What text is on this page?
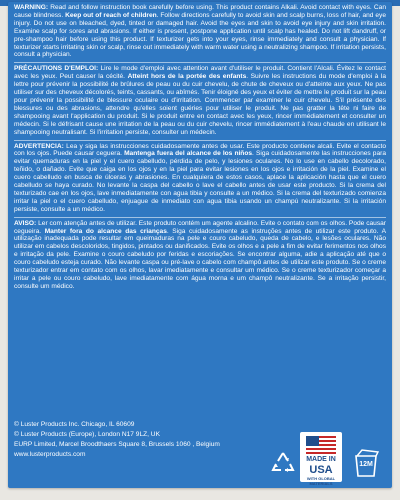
WARNING: Read and follow instruction book carefully before using. This product contains Alkali. Avoid contact with eyes. Can cause blindness. Keep out of reach of children. Follow directions carefully to avoid skin and scalp burns, loss of hair, and eye injury. Do not use on bleached, dyed, tinted or damaged hair. Avoid the eyes and skin to avoid eye injury and skin irritation. Examine scalp for sores and abrasions. If either is present, postpone application until scalp has healed. Do not lift dandruff, or pre-shampoo hair before using this product. If texturizer gets into your eyes, rinse immediately and consult a physician. If texturizer starts irritating skin or scalp, rinse out immediately with warm water using a neutralizing shampoo. If irritation persists, consult a physician.

PRÉCAUTIONS D'EMPLOI: Lire le mode d'emploi avec attention avant d'utiliser le produit. Contient l'Alcali. Évitez le contact avec les yeux. Peut causer la cécité. Atteint hors de la portée des enfants. Suivre les instructions du mode d'emploi à la lettre pour prévenir la possibilité de brûlures de peau ou du cuir chevelu, de chute de cheveux ou d'atteinte aux yeux. Ne pas utiliser sur des cheveux décolorés, teints, cassants, ou abîmés. Tenir éloigné des yeux et éviter de mettre le produit sur la peau pour prévenir la possibilité de blessure oculaire ou d'irritation. Commencer par examiner le cuir chevelu. S'il présente des blessures ou des abrasions, attendre qu'elles soient guéries pour utiliser le produit. Ne pas gratter la tête ni faire de shampooing avant l'application du produit. Si le produit entre en contact avec les yeux, rincer immédiatement et consulter un médecin. Si le défrisant cause une irritation de la peau ou du cuir chevelu, rincer immédiatement à l'eau chaude en utilisant le shampooing neutralisant. Si l'irritation persiste, consulter un médecin.

ADVERTENCIA: Lea y siga las instrucciones cuidadosamente antes de usar. Este producto contiene alcali. Evite el contacto con los ojos. Puede causar ceguera. Mantenga fuera del alcance de los niños. Siga cuidadosamente las instrucciones para evitar quemaduras en la piel y el cuero cabelludo, pérdida de pelo, y lesiones oculares. No lo use en cabello decolorado, teñido, o dañado. Evite que caiga en los ojos y en la piel para evitar lesiones en los ojos e irritación de la piel. Examine el cuero cabelludo en busca de úlceras y abrasiones. En cualquiera de estos casos, aplace la aplicación hasta que el cuero cabelludo se haya curado. No levante la caspa del cabello o lave el cabello antes de usar este producto. Si la crema del texturizado cae en los ojos, lave inmediatamente con agua tibia y consulte a un médico. Si la crema del texturizado comienza irritar la piel o el cuero cabelludo, enjuague de inmediato con agua tibia usando un champú neutralizante. Si la irritación persiste, consulte a un médico.

AVISO: Ler com atenção antes de utilizar. Este produto contém um agente alcalino. Evite o contato com os olhos. Pode causar cegueira. Manter fora do alcance das crianças. Siga cuidadosamente as instruções antes de utilizar este produto. A utilização inadequada pode resultar em queimaduras na pele e couro cabeludo, queda de cabelo, e lesões oculares. Não utilizar em cabelos descoloridos, tingidos, pintados ou danificados. Evite os olhos e a pele a fim de evitar ferimentos nos olhos e irritação da pele. Examine o couro cabeludo por feridas e escoriações. Se encontrar alguma, adie a aplicação até que o couro cabeludo esteja curado. Não levante caspa ou pré-lave o cabelo com champô antes de utilizar este produto. Se o creme texturizador entrar em contato com os olhos, lavar imediatamente e consultar um médico. Se o creme texturizador começar a irritar a pele ou couro cabeludo, lave imediatamente com água morna e um champô neutralizante. Se a irritação persistir, consulte um médico.

© Luster Products Inc. Chicago, IL 60609
© Luster Products (Europe), London N17 9LZ, UK
EURP Limited, Marcel Broodthaers Square 8, Brussels 1060 , Belgium
www.lusterproducts.com
MADE IN
USA
WITH GLOBAL MATERIALS
12M
